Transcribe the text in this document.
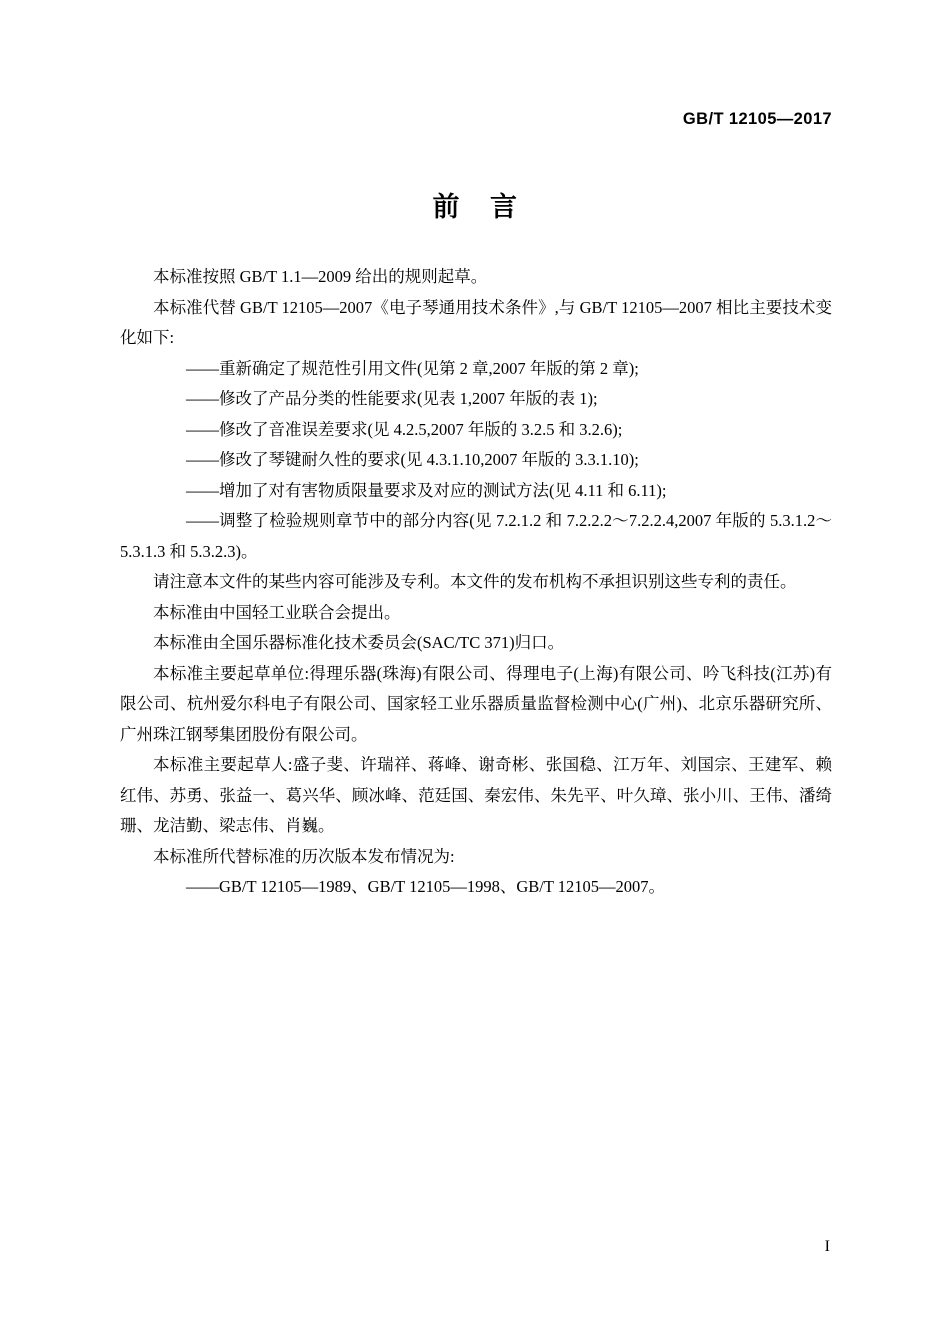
GB/T 12105—2017
前 言

本标准按照 GB/T 1.1—2009 给出的规则起草。

本标准代替 GB/T 12105—2007《电子琴通用技术条件》,与 GB/T 12105—2007 相比主要技术变化如下:

——重新确定了规范性引用文件(见第 2 章,2007 年版的第 2 章);

——修改了产品分类的性能要求(见表 1,2007 年版的表 1);

——修改了音准误差要求(见 4.2.5,2007 年版的 3.2.5 和 3.2.6);

——修改了琴键耐久性的要求(见 4.3.1.10,2007 年版的 3.3.1.10);

——增加了对有害物质限量要求及对应的测试方法(见 4.11 和 6.11);

——调整了检验规则章节中的部分内容(见 7.2.1.2 和 7.2.2.2～7.2.2.4,2007 年版的 5.3.1.2～5.3.1.3 和 5.3.2.3)。

请注意本文件的某些内容可能涉及专利。本文件的发布机构不承担识别这些专利的责任。

本标准由中国轻工业联合会提出。

本标准由全国乐器标准化技术委员会(SAC/TC 371)归口。

本标准主要起草单位:得理乐器(珠海)有限公司、得理电子(上海)有限公司、吟飞科技(江苏)有限公司、杭州爱尔科电子有限公司、国家轻工业乐器质量监督检测中心(广州)、北京乐器研究所、广州珠江钢琴集团股份有限公司。

本标准主要起草人:盛子斐、许瑞祥、蒋峰、谢奇彬、张国稳、江万年、刘国宗、王建军、赖红伟、苏勇、张益一、葛兴华、顾冰峰、范廷国、秦宏伟、朱先平、叶久璋、张小川、王伟、潘绮珊、龙洁勤、梁志伟、肖巍。

本标准所代替标准的历次版本发布情况为:

——GB/T 12105—1989、GB/T 12105—1998、GB/T 12105—2007。

I
